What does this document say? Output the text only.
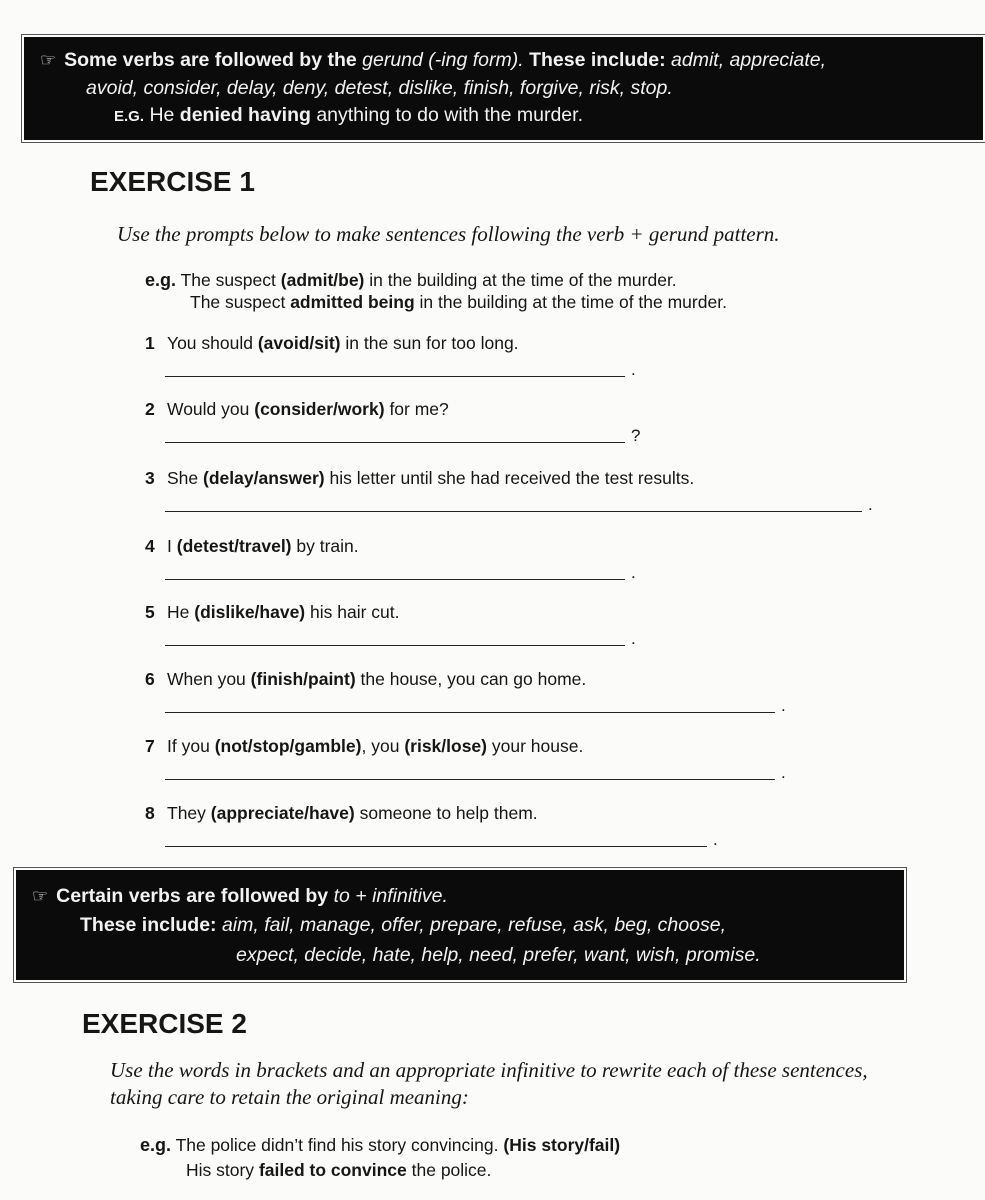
☞ Some verbs are followed by the gerund (-ing form). These include: admit, appreciate,
avoid, consider, delay, deny, detest, dislike, finish, forgive, risk, stop.
E.G. He denied having anything to do with the murder.
EXERCISE 1
Use the prompts below to make sentences following the verb + gerund pattern.
e.g. The suspect (admit/be) in the building at the time of the murder.
The suspect admitted being in the building at the time of the murder.
1 You should (avoid/sit) in the sun for too long.
.
2 Would you (consider/work) for me?
?
3 She (delay/answer) his letter until she had received the test results.
.
4 I (detest/travel) by train.
.
5 He (dislike/have) his hair cut.
.
6 When you (finish/paint) the house, you can go home.
.
7 If you (not/stop/gamble), you (risk/lose) your house.
.
8 They (appreciate/have) someone to help them.
.
☞ Certain verbs are followed by to + infinitive.
These include: aim, fail, manage, offer, prepare, refuse, ask, beg, choose,
expect, decide, hate, help, need, prefer, want, wish, promise.
EXERCISE 2
Use the words in brackets and an appropriate infinitive to rewrite each of these sentences,
taking care to retain the original meaning:
e.g. The police didn’t find his story convincing. (His story/fail)
His story failed to convince the police.
